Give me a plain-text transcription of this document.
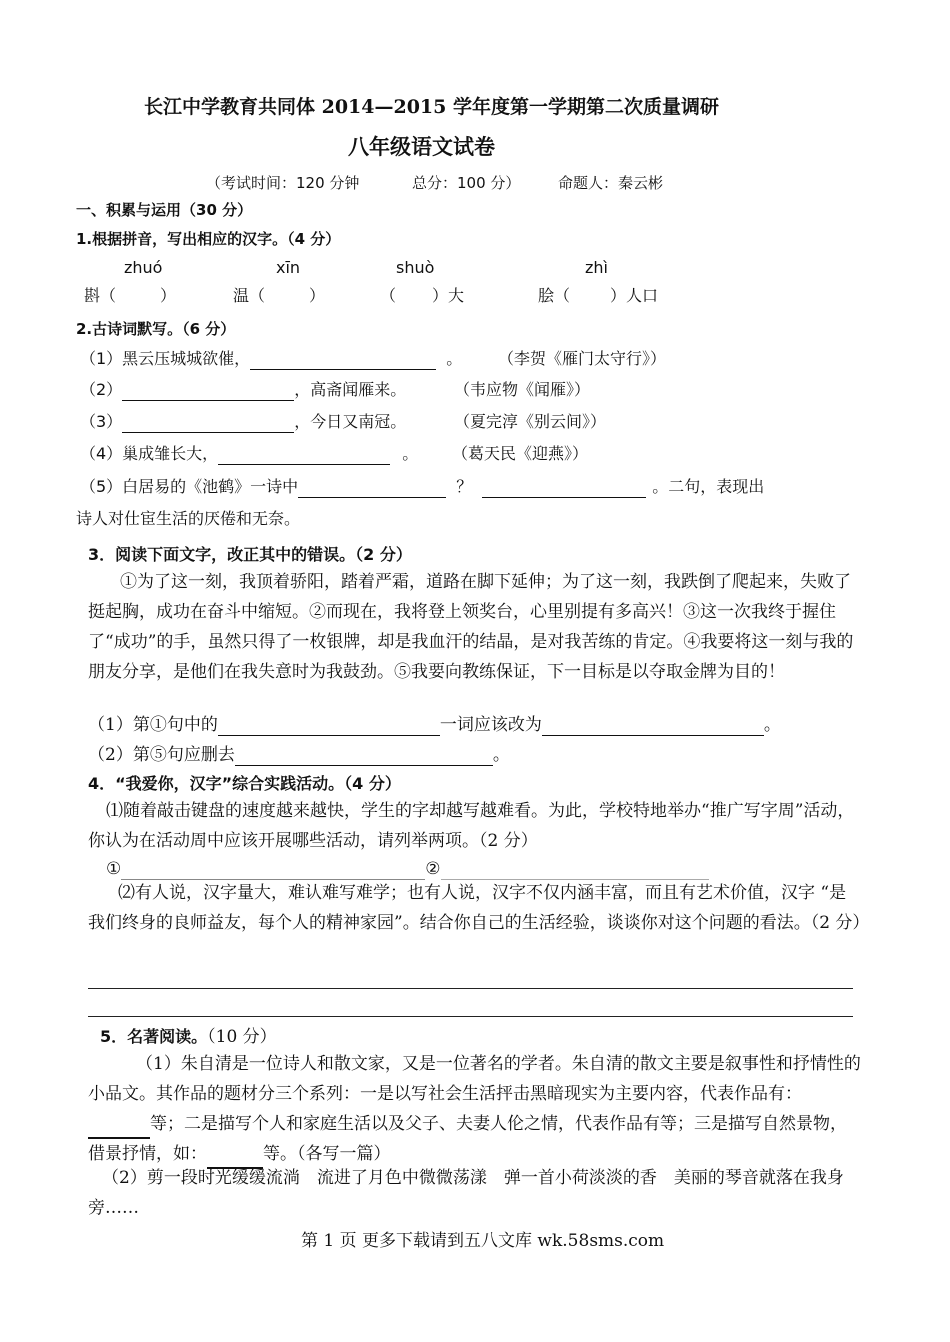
长江中学教育共同体 2014—2015 学年度第一学期第二次质量调研
八年级语文试卷
（考试时间：120 分钟	总分：100 分）	命题人：秦云彬
一、积累与运用（30 分）
1.根据拼音，写出相应的汉字。（4 分）
zhuó	xīn	shuò	zhì
斟（	）	温（	）	（ ）大	脍（	）人口
2.古诗词默写。（6 分）
（1）黑云压城城欲催，	。 （李贺《雁门太守行》）
（2）	，高斋闻雁来。	（韦应物《闻雁》）
（3）	，今日又南冠。	（夏完淳《别云间》）
（4）巢成雏长大，	。 （葛天民《迎燕》）
（5）白居易的《池鹤》一诗中	？	。二句，表现出
诗人对仕宦生活的厌倦和无奈。
3．阅读下面文字，改正其中的错误。（2 分）
①为了这一刻，我顶着骄阳，踏着严霜，道路在脚下延伸；为了这一刻，我跌倒了爬起来，失败了挺起胸，成功在奋斗中缩短。②而现在，我将登上领奖台，心里别提有多高兴！③这一次我终于握住了“成功”的手，虽然只得了一枚银牌，却是我血汗的结晶，是对我苦练的肯定。④我要将这一刻与我的朋友分享，是他们在我失意时为我鼓劲。⑤我要向教练保证，下一目标是以夺取金牌为目的！
（1）第①句中的	一词应该改为	。
（2）第⑤句应删去	。
4．“我爱你，汉字”综合实践活动。（4 分）
⑴随着敲击键盘的速度越来越快，学生的字却越写越难看。为此，学校特地举办“推广写字周”活动，你认为在活动周中应该开展哪些活动，请列举两项。（2 分）
①	②
⑵有人说，汉字量大，难认难写难学；也有人说，汉字不仅内涵丰富，而且有艺术价值，汉字 “是我们终身的良师益友，每个人的精神家园”。结合你自己的生活经验，谈谈你对这个问题的看法。（2 分）
5．名著阅读。（10 分）
（1）朱自清是一位诗人和散文家，又是一位著名的学者。朱自清的散文主要是叙事性和抒情性的小品文。其作品的题材分三个系列：一是以写社会生活抨击黑暗现实为主要内容，代表作品有：等；二是描写个人和家庭生活以及父子、夫妻人伦之情，代表作品有等；三是描写自然景物，借景抒情，如：	等。（各写一篇）
（2）剪一段时光缓缓流淌　流进了月色中微微荡漾　弹一首小荷淡淡的香　美丽的琴音就落在我身旁……
第 1 页 更多下载请到五八文库 wk.58sms.com
